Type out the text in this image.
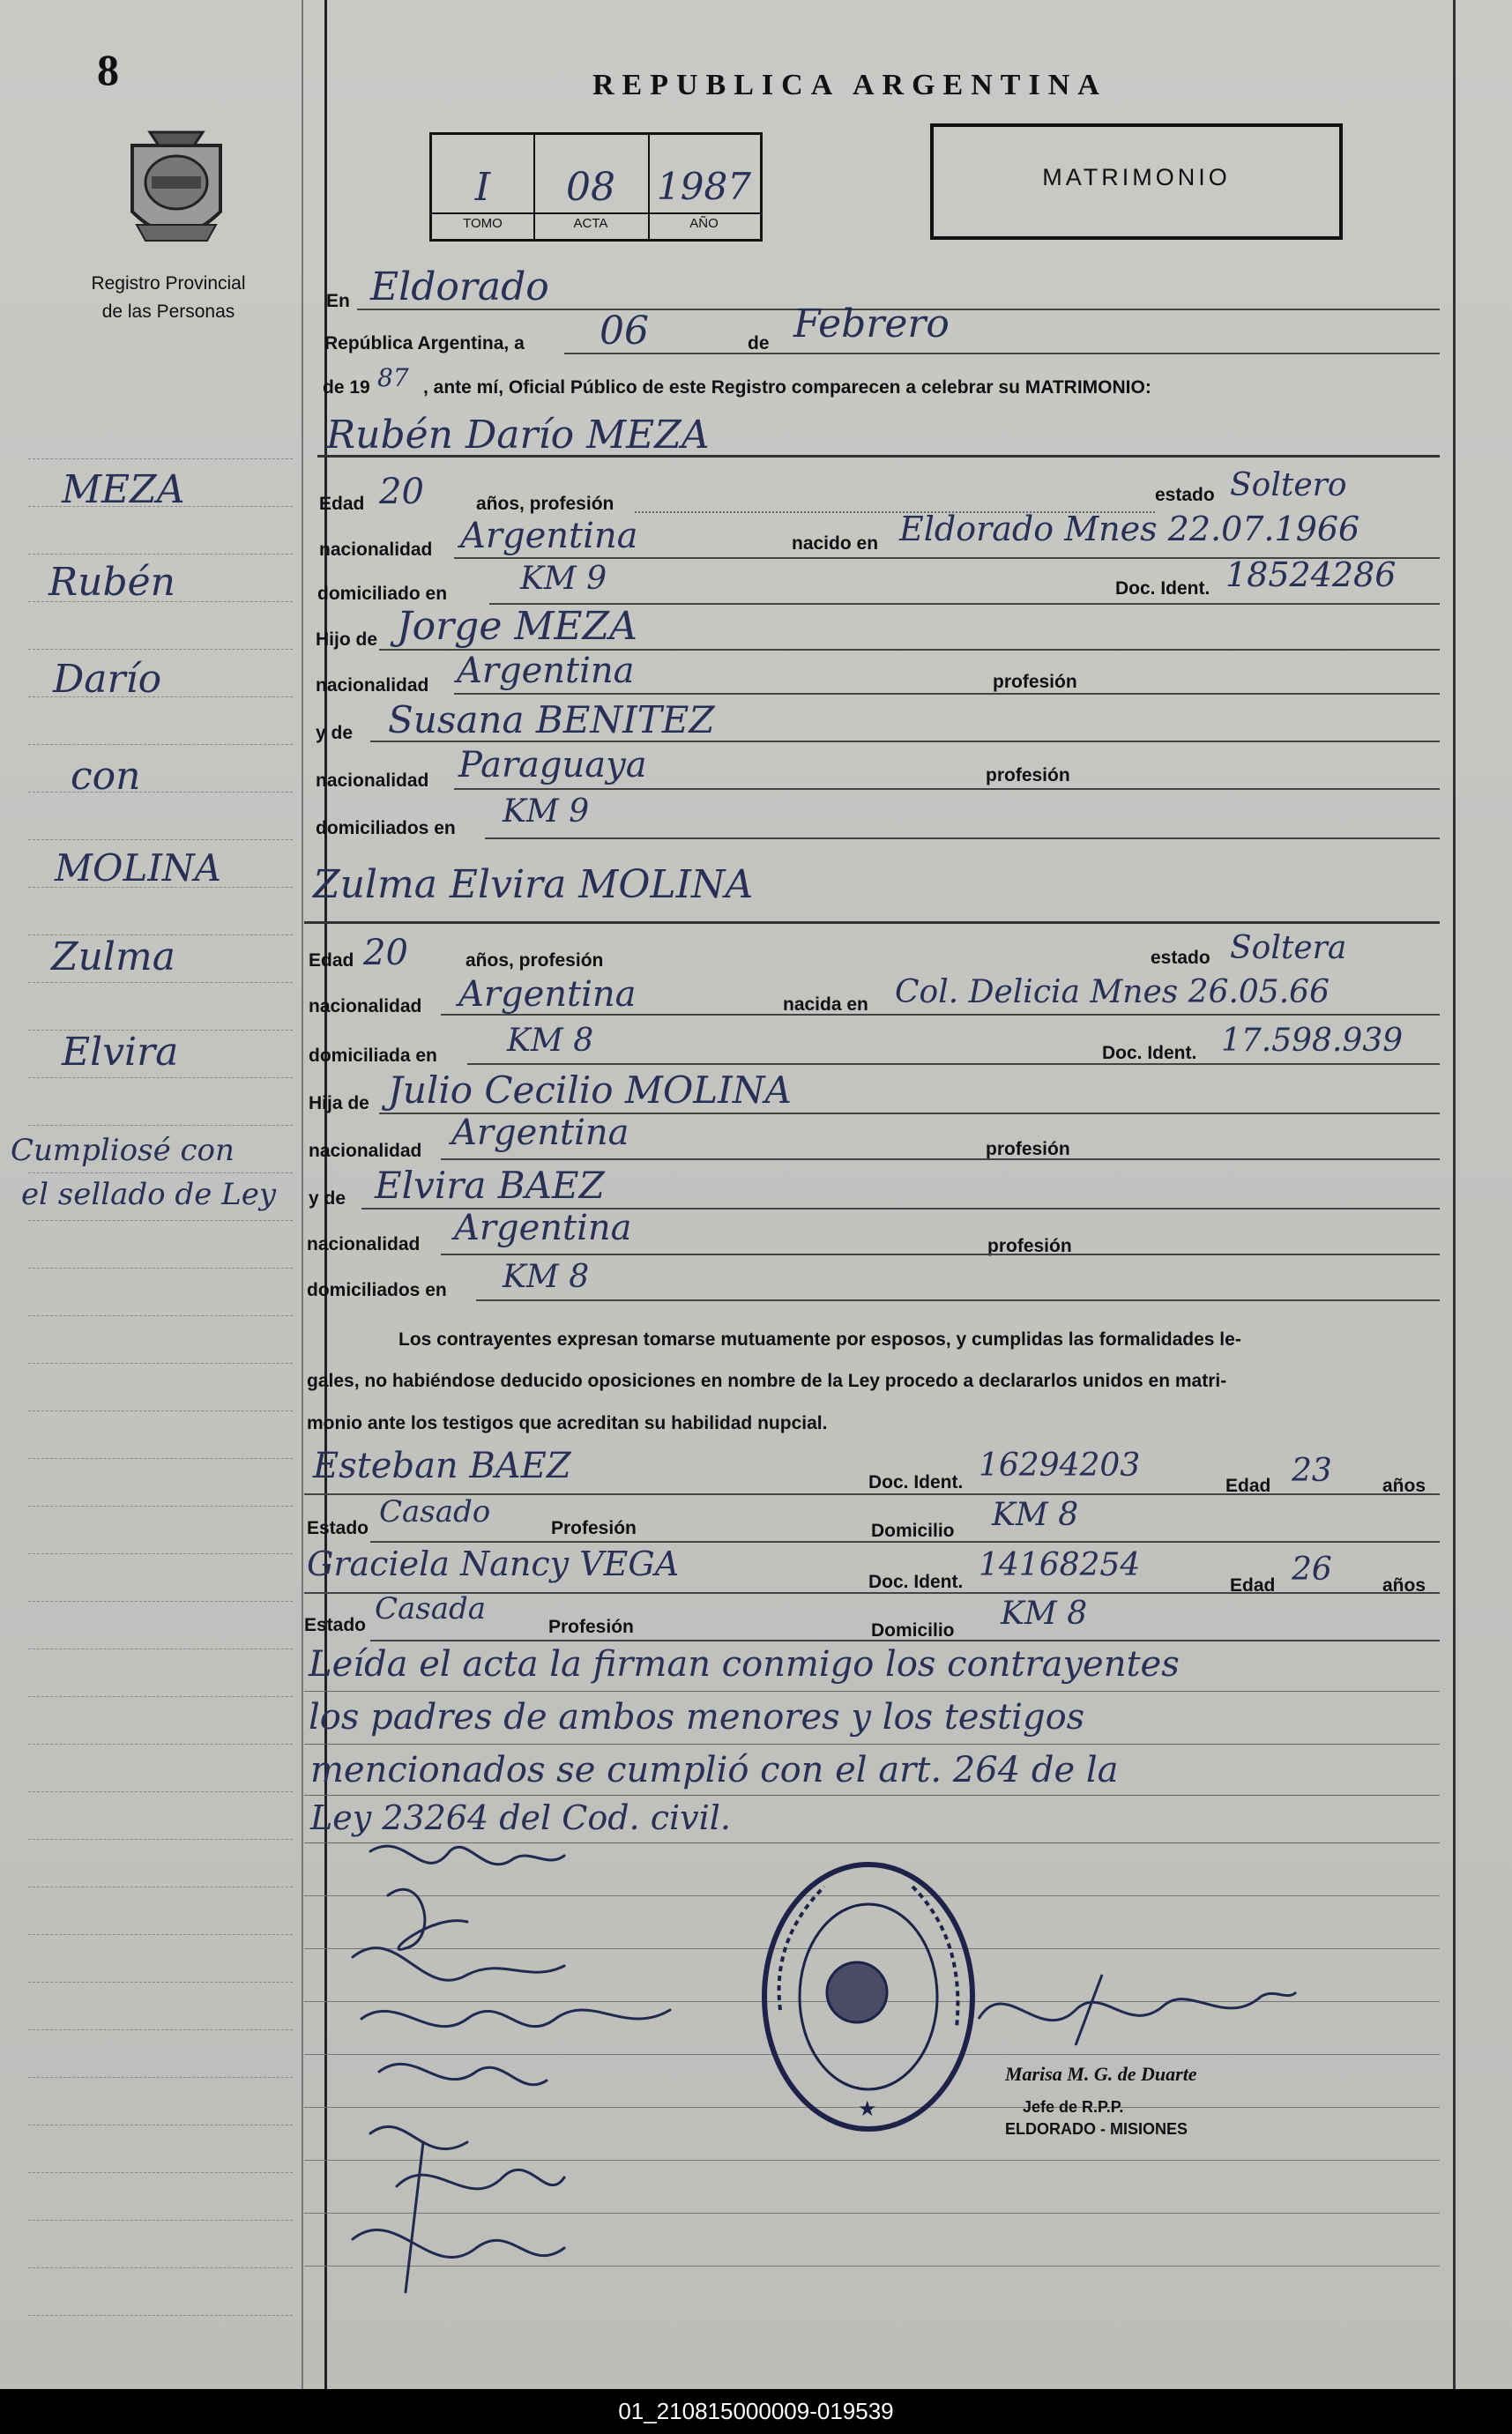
8
Registro Provincial
de las Personas
MEZA
Rubén
Darío
con
MOLINA
Zulma
Elvira
Cumpliosé con
el sellado de Ley
REPUBLICA ARGENTINA
MATRIMONIO
I	08	1987
TOMO	ACTA	AÑO
En Eldorado
República Argentina, a 06	de Febrero
de 19 87 , ante mí, Oficial Público de este Registro comparecen a celebrar su MATRIMONIO:
Rubén Darío MEZA
Edad 20	años, profesión	estado Soltero
nacionalidad Argentina	nacido en Eldorado Mnes 22.07.1966
domiciliado en KM 9	Doc. Ident. 18524286
Hijo de Jorge MEZA
nacionalidad Argentina	profesión
y de Susana BENITEZ
nacionalidad Paraguaya	profesión
domiciliados en KM 9
Zulma Elvira MOLINA
Edad 20	años, profesión	estado Soltera
nacionalidad Argentina	nacida en Col. Delicia Mnes 26.05.66
domiciliada en KM 8	Doc. Ident. 17.598.939
Hija de Julio Cecilio MOLINA
nacionalidad Argentina	profesión
y de Elvira BAEZ
nacionalidad Argentina	profesión
domiciliados en KM 8
Los contrayentes expresan tomarse mutuamente por esposos, y cumplidas las formalidades le-
gales, no habiéndose deducido oposiciones en nombre de la Ley procedo a declararlos unidos en matri-
monio ante los testigos que acreditan su habilidad nupcial.
Esteban BAEZ	Doc. Ident. 16294203
Edad 23	años
Estado Casado	Profesión	Domicilio KM 8
Graciela Nancy VEGA	Doc. Ident. 14168254
Edad 26	años
Estado Casada
Profesión	Domicilio KM 8
Leída el acta la firman conmigo los contrayentes
los padres de ambos menores y los testigos
mencionados se cumplió con el art. 264 de la
Ley 23264 del Cod. civil.
★
Marisa M. G. de Duarte
Jefe de R.P.P.
ELDORADO - MISIONES
01_210815000009-019539
